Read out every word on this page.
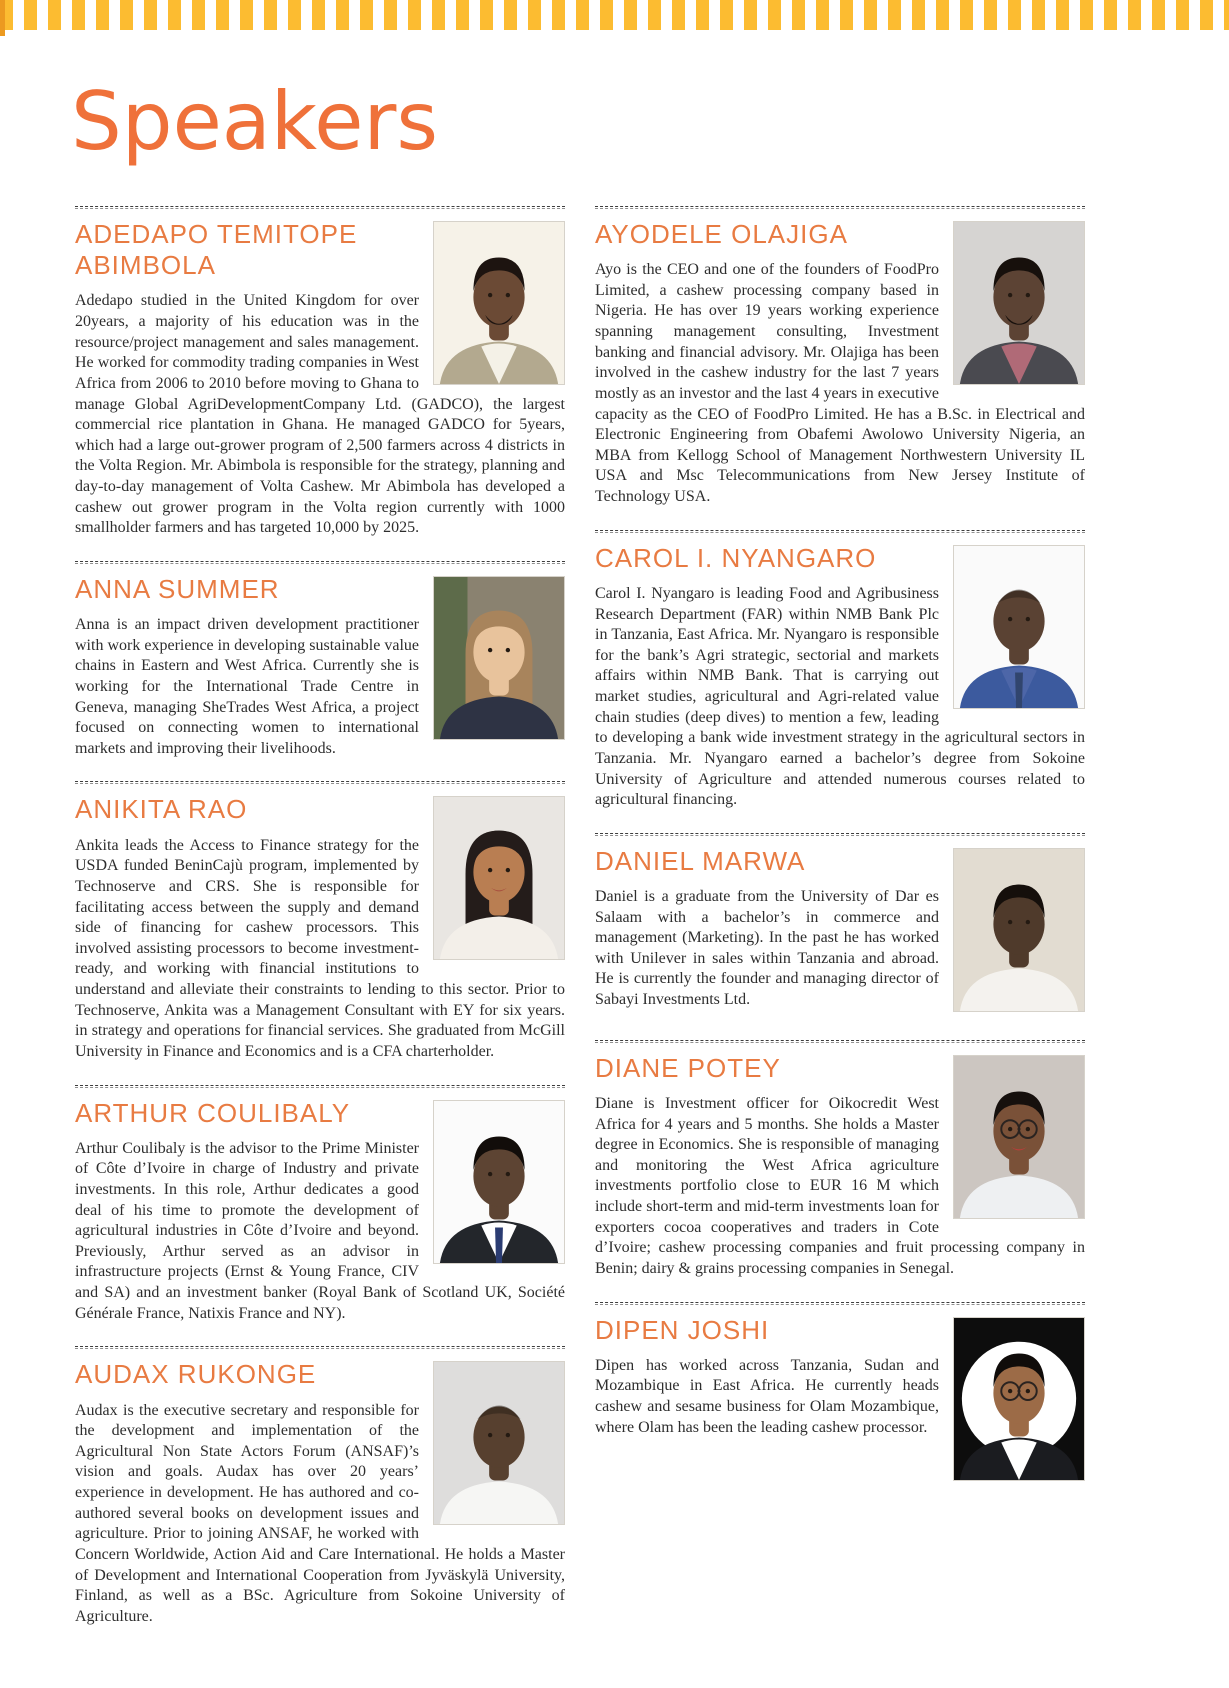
Speakers
ADEDAPO TEMITOPE ABIMBOLA

Adedapo studied in the United Kingdom for over 20years, a majority of his education was in the resource/project management and sales management. He worked for commodity trading companies in West Africa from 2006 to 2010 before moving to Ghana to manage Global AgriDevelopmentCompany Ltd. (GADCO), the largest commercial rice plantation in Ghana. He managed GADCO for 5years, which had a large out-grower program of 2,500 farmers across 4 districts in the Volta Region. Mr. Abimbola is responsible for the strategy, planning and day-to-day management of Volta Cashew. Mr Abimbola has developed a cashew out grower program in the Volta region currently with 1000 smallholder farmers and has targeted 10,000 by 2025.

ANNA SUMMER

Anna is an impact driven development practitioner with work experience in developing sustainable value chains in Eastern and West Africa. Currently she is working for the International Trade Centre in Geneva, managing SheTrades West Africa, a project focused on connecting women to international markets and improving their livelihoods.

ANIKITA RAO

Ankita leads the Access to Finance strategy for the USDA funded BeninCajù program, implemented by Technoserve and CRS. She is responsible for facilitating access between the supply and demand side of financing for cashew processors. This involved assisting processors to become investment-ready, and working with financial institutions to understand and alleviate their constraints to lending to this sector. Prior to Technoserve, Ankita was a Management Consultant with EY for six years. in strategy and operations for financial services. She graduated from McGill University in Finance and Economics and is a CFA charterholder.

ARTHUR COULIBALY

Arthur Coulibaly is the advisor to the Prime Minister of Côte d’Ivoire in charge of Industry and private investments. In this role, Arthur dedicates a good deal of his time to promote the development of agricultural industries in Côte d’Ivoire and beyond. Previously, Arthur served as an advisor in infrastructure projects (Ernst & Young France, CIV and SA) and an investment banker (Royal Bank of Scotland UK, Société Générale France, Natixis France and NY).

AUDAX RUKONGE

Audax is the executive secretary and responsible for the development and implementation of the Agricultural Non State Actors Forum (ANSAF)’s vision and goals. Audax has over 20 years’ experience in development. He has authored and co-authored several books on development issues and agriculture. Prior to joining ANSAF, he worked with Concern Worldwide, Action Aid and Care International. He holds a Master of Development and International Cooperation from Jyväskylä University, Finland, as well as a BSc. Agriculture from Sokoine University of Agriculture.

AYODELE OLAJIGA

Ayo is the CEO and one of the founders of FoodPro Limited, a cashew processing company based in Nigeria. He has over 19 years working experience spanning management consulting, Investment banking and financial advisory. Mr. Olajiga has been involved in the cashew industry for the last 7 years mostly as an investor and the last 4 years in executive capacity as the CEO of FoodPro Limited. He has a B.Sc. in Electrical and Electronic Engineering from Obafemi Awolowo University Nigeria, an MBA from Kellogg School of Management Northwestern University IL USA and Msc Telecommunications from New Jersey Institute of Technology USA.

CAROL I. NYANGARO

Carol I. Nyangaro is leading Food and Agribusiness Research Department (FAR) within NMB Bank Plc in Tanzania, East Africa. Mr. Nyangaro is responsible for the bank’s Agri strategic, sectorial and markets affairs within NMB Bank. That is carrying out market studies, agricultural and Agri-related value chain studies (deep dives) to mention a few, leading to developing a bank wide investment strategy in the agricultural sectors in Tanzania. Mr. Nyangaro earned a bachelor’s degree from Sokoine University of Agriculture and attended numerous courses related to agricultural financing.

DANIEL MARWA

Daniel is a graduate from the University of Dar es Salaam with a bachelor’s in commerce and management (Marketing). In the past he has worked with Unilever in sales within Tanzania and abroad. He is currently the founder and managing director of Sabayi Investments Ltd.

DIANE POTEY

Diane is Investment officer for Oikocredit West Africa for 4 years and 5 months. She holds a Master degree in Economics. She is responsible of managing and monitoring the West Africa agriculture investments portfolio close to EUR 16 M which include short-term and mid-term investments loan for exporters cocoa cooperatives and traders in Cote d’Ivoire; cashew processing companies and fruit processing company in Benin; dairy & grains processing companies in Senegal.

DIPEN JOSHI

Dipen has worked across Tanzania, Sudan and Mozambique in East Africa. He currently heads cashew and sesame business for Olam Mozambique, where Olam has been the leading cashew processor.
